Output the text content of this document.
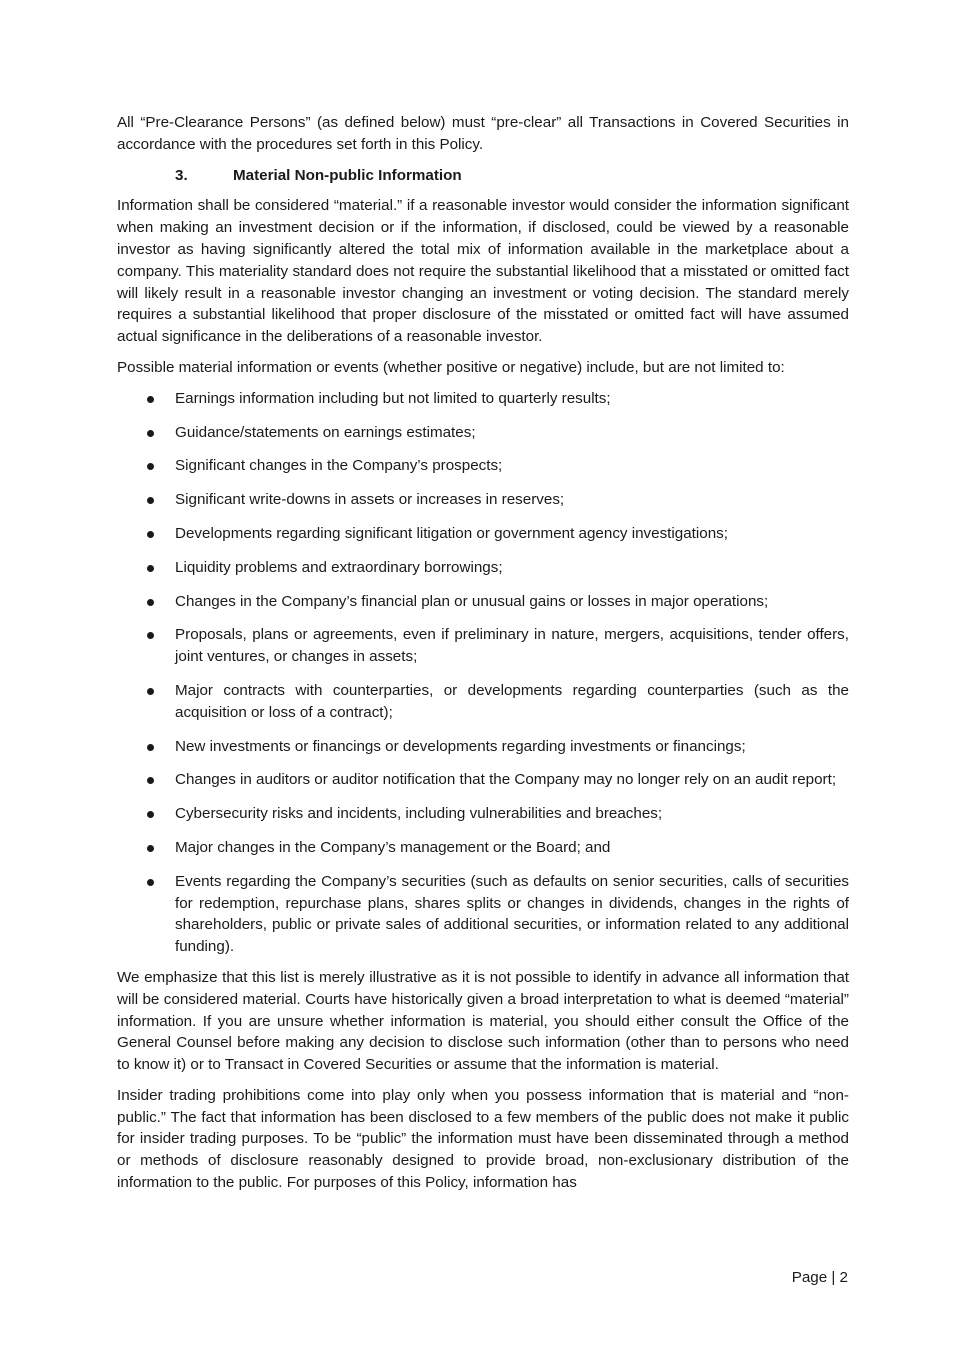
All “Pre-Clearance Persons” (as defined below) must “pre-clear” all Transactions in Covered Securities in accordance with the procedures set forth in this Policy.

3.	Material Non-public Information

Information shall be considered “material.” if a reasonable investor would consider the information significant when making an investment decision or if the information, if disclosed, could be viewed by a reasonable investor as having significantly altered the total mix of information available in the marketplace about a company. This materiality standard does not require the substantial likelihood that a misstated or omitted fact will likely result in a reasonable investor changing an investment or voting decision. The standard merely requires a substantial likelihood that proper disclosure of the misstated or omitted fact will have assumed actual significance in the deliberations of a reasonable investor.

Possible material information or events (whether positive or negative) include, but are not limited to:

Earnings information including but not limited to quarterly results;
Guidance/statements on earnings estimates;
Significant changes in the Company’s prospects;
Significant write-downs in assets or increases in reserves;
Developments regarding significant litigation or government agency investigations;
Liquidity problems and extraordinary borrowings;
Changes in the Company’s financial plan or unusual gains or losses in major operations;
Proposals, plans or agreements, even if preliminary in nature, mergers, acquisitions, tender offers, joint ventures, or changes in assets;
Major contracts with counterparties, or developments regarding counterparties (such as the acquisition or loss of a contract);
New investments or financings or developments regarding investments or financings;
Changes in auditors or auditor notification that the Company may no longer rely on an audit report;
Cybersecurity risks and incidents, including vulnerabilities and breaches;
Major changes in the Company’s management or the Board; and
Events regarding the Company’s securities (such as defaults on senior securities, calls of securities for redemption, repurchase plans, shares splits or changes in dividends, changes in the rights of shareholders, public or private sales of additional securities, or information related to any additional funding).

We emphasize that this list is merely illustrative as it is not possible to identify in advance all information that will be considered material. Courts have historically given a broad interpretation to what is deemed “material” information. If you are unsure whether information is material, you should either consult the Office of the General Counsel before making any decision to disclose such information (other than to persons who need to know it) or to Transact in Covered Securities or assume that the information is material.

Insider trading prohibitions come into play only when you possess information that is material and “non-public.” The fact that information has been disclosed to a few members of the public does not make it public for insider trading purposes. To be “public” the information must have been disseminated through a method or methods of disclosure reasonably designed to provide broad, non-exclusionary distribution of the information to the public. For purposes of this Policy, information has

Page | 2
